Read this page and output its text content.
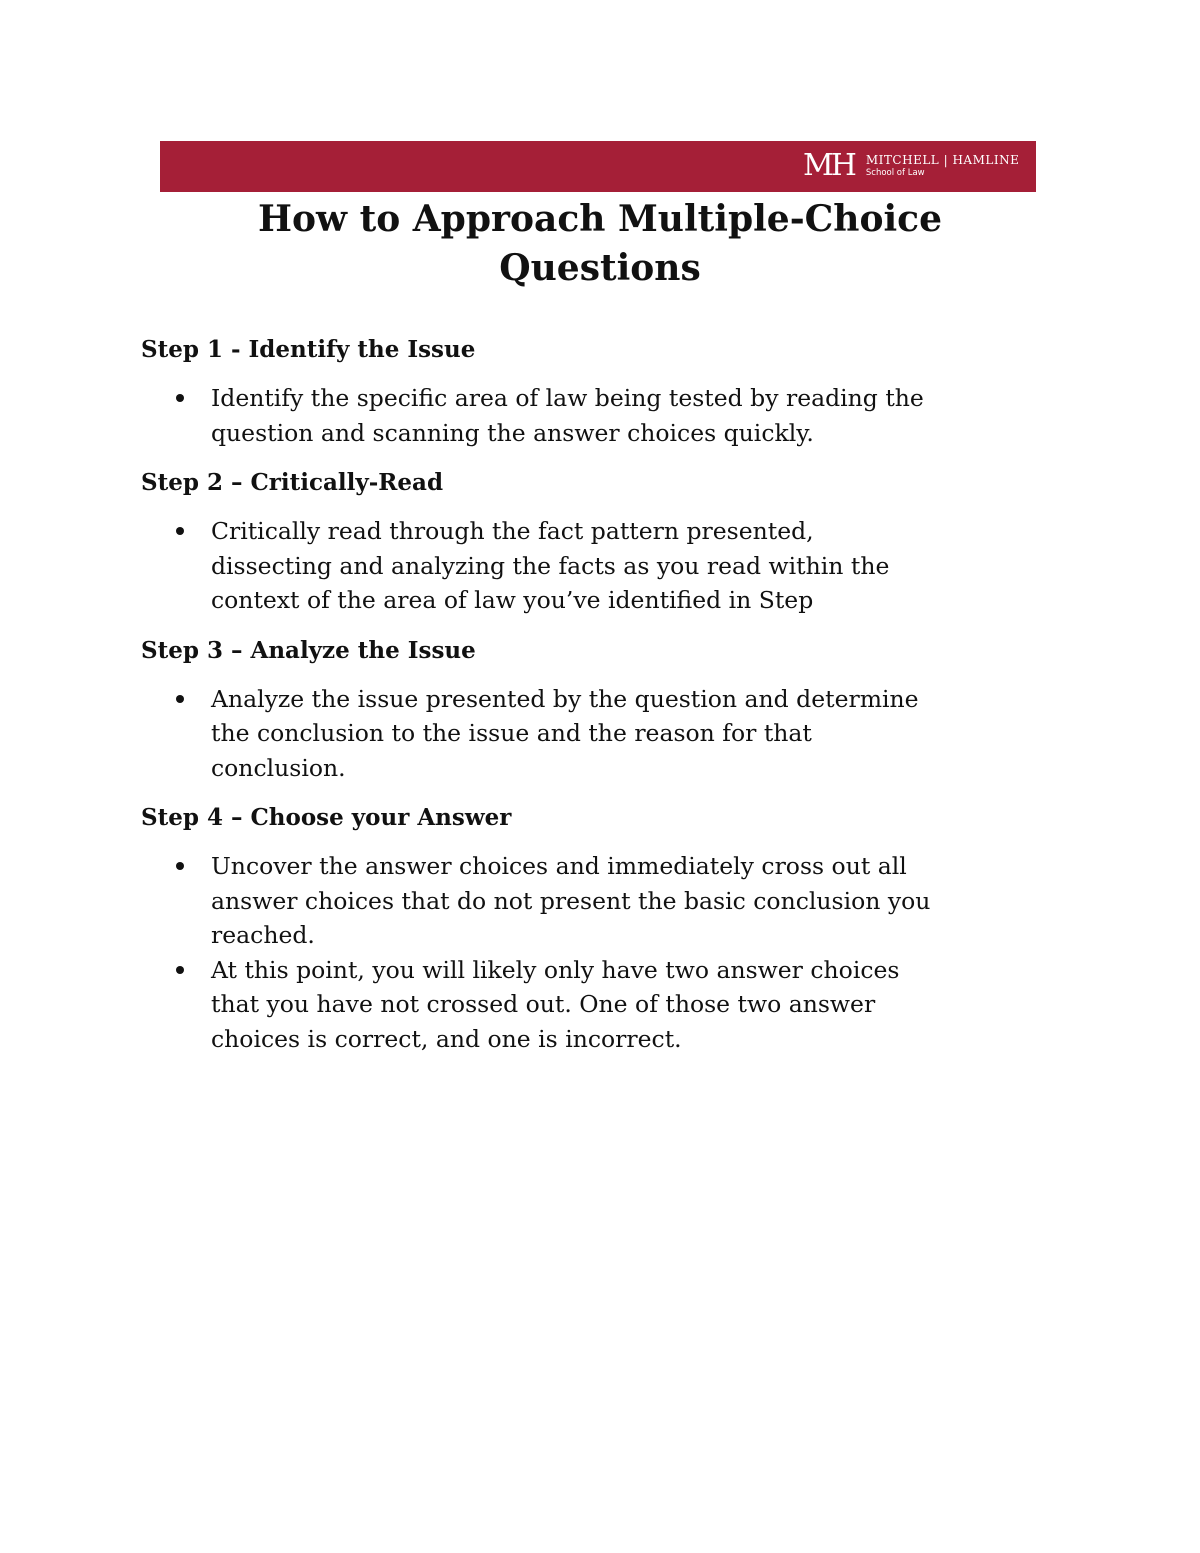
MH MITCHELL | HAMLINE
School of Law
How to Approach Multiple-Choice
Questions
Step 1 - Identify the Issue
Identify the specific area of law being tested by reading the
question and scanning the answer choices quickly.
Step 2 – Critically-Read
Critically read through the fact pattern presented,
dissecting and analyzing the facts as you read within the
context of the area of law you’ve identified in Step
Step 3 – Analyze the Issue
Analyze the issue presented by the question and determine
the conclusion to the issue and the reason for that
conclusion.
Step 4 – Choose your Answer
Uncover the answer choices and immediately cross out all
answer choices that do not present the basic conclusion you
reached.
At this point, you will likely only have two answer choices
that you have not crossed out. One of those two answer
choices is correct, and one is incorrect.
